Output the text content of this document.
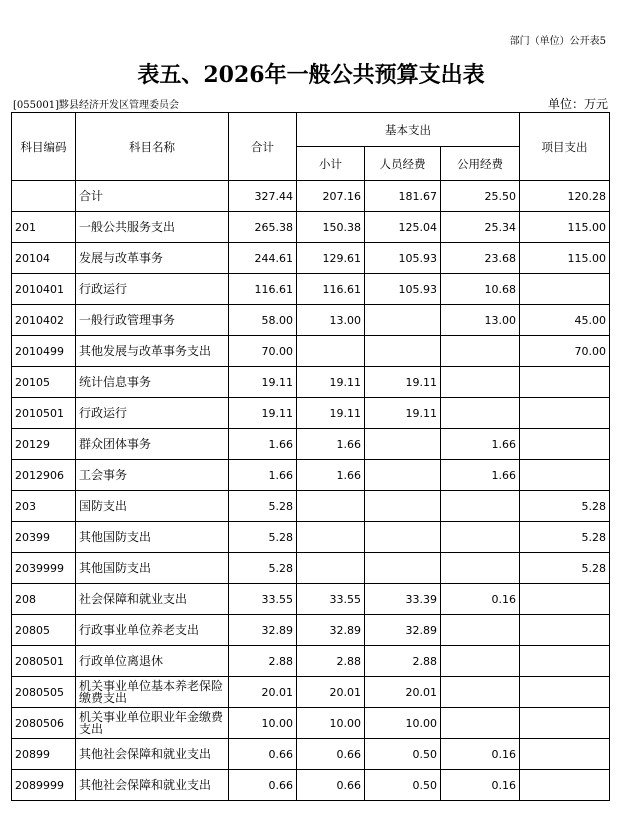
部门（单位）公开表5
表五、2026年一般公共预算支出表
[055001]黟县经济开发区管理委员会	单位：万元
科目编码	科目名称	合计	基本支出			项目支出
			小计	人员经费	公用经费	
	合计	327.44	207.16	181.67	25.50	120.28
201	一般公共服务支出	265.38	150.38	125.04	25.34	115.00
20104	发展与改革事务	244.61	129.61	105.93	23.68	115.00
2010401	行政运行	116.61	116.61	105.93	10.68	
2010402	一般行政管理事务	58.00	13.00		13.00	45.00
2010499	其他发展与改革事务支出	70.00				70.00
20105	统计信息事务	19.11	19.11	19.11		
2010501	行政运行	19.11	19.11	19.11		
20129	群众团体事务	1.66	1.66		1.66	
2012906	工会事务	1.66	1.66		1.66	
203	国防支出	5.28				5.28
20399	其他国防支出	5.28				5.28
2039999	其他国防支出	5.28				5.28
208	社会保障和就业支出	33.55	33.55	33.39	0.16	
20805	行政事业单位养老支出	32.89	32.89	32.89		
2080501	行政单位离退休	2.88	2.88	2.88		
2080505	机关事业单位基本养老保险缴费支出	20.01	20.01	20.01		
2080506	机关事业单位职业年金缴费支出	10.00	10.00	10.00		
20899	其他社会保障和就业支出	0.66	0.66	0.50	0.16	
2089999	其他社会保障和就业支出	0.66	0.66	0.50	0.16	
